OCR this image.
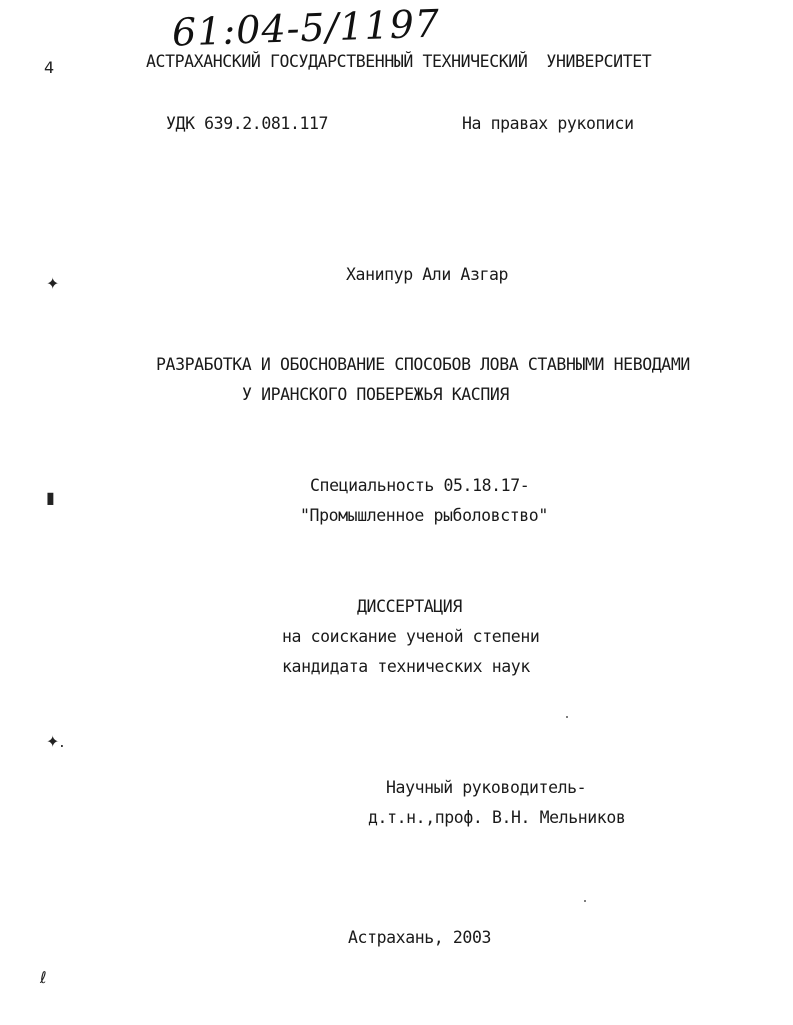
61:04-5/1197
4
✦
▮
✦.
ℓ
АСТРАХАНСКИЙ ГОСУДАРСТВЕННЫЙ ТЕХНИЧЕСКИЙ  УНИВЕРСИТЕТ
УДК 639.2.081.117	На правах рукописи
Ханипур Али Азгар
РАЗРАБОТКА И ОБОСНОВАНИЕ СПОСОБОВ ЛОВА СТАВНЫМИ НЕВОДАМИ
У ИРАНСКОГО ПОБЕРЕЖЬЯ КАСПИЯ
Специальность 05.18.17-
"Промышленное рыболовство"
ДИССЕРТАЦИЯ
на соискание ученой степени
кандидата технических наук
Научный руководитель-
д.т.н.,проф. В.Н. Мельников
Астрахань, 2003
